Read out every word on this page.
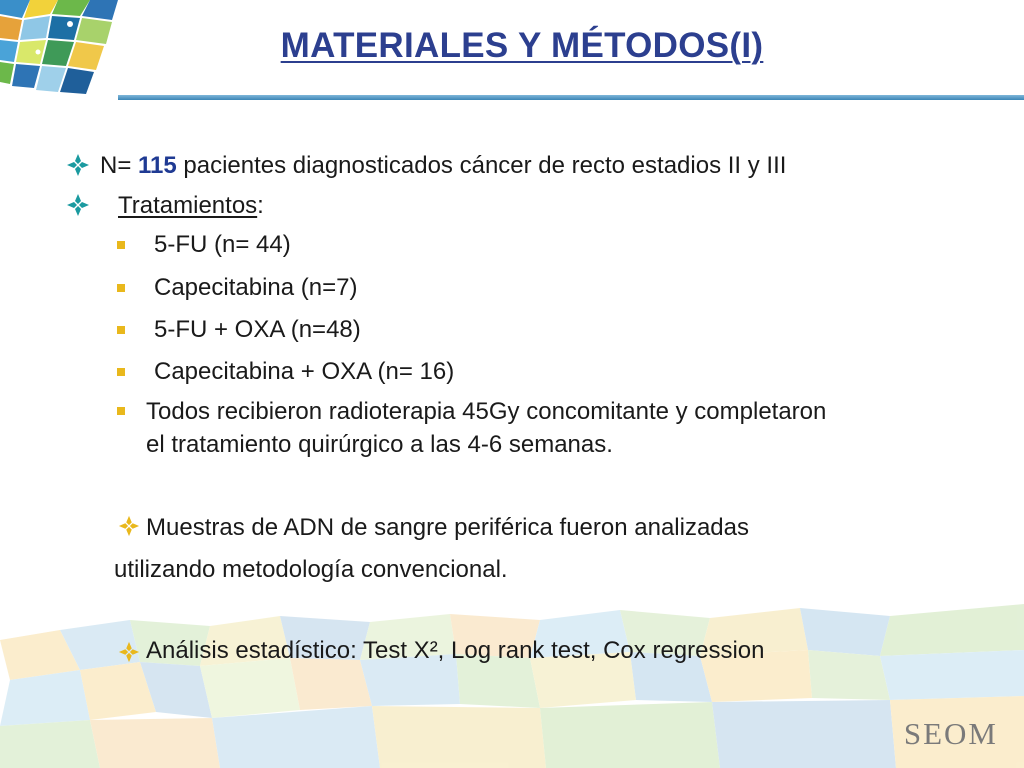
MATERIALES Y MÉTODOS(I)
N= 115 pacientes diagnosticados cáncer de recto estadios II y III
Tratamientos:
5-FU (n= 44)
Capecitabina (n=7)
5-FU + OXA (n=48)
Capecitabina + OXA (n= 16)
Todos recibieron radioterapia 45Gy concomitante y completaron
el tratamiento quirúrgico a las 4-6 semanas.
Muestras de ADN de sangre periférica fueron analizadas
utilizando metodología convencional.
Análisis estadístico: Test X², Log rank test, Cox regression
SEOM
